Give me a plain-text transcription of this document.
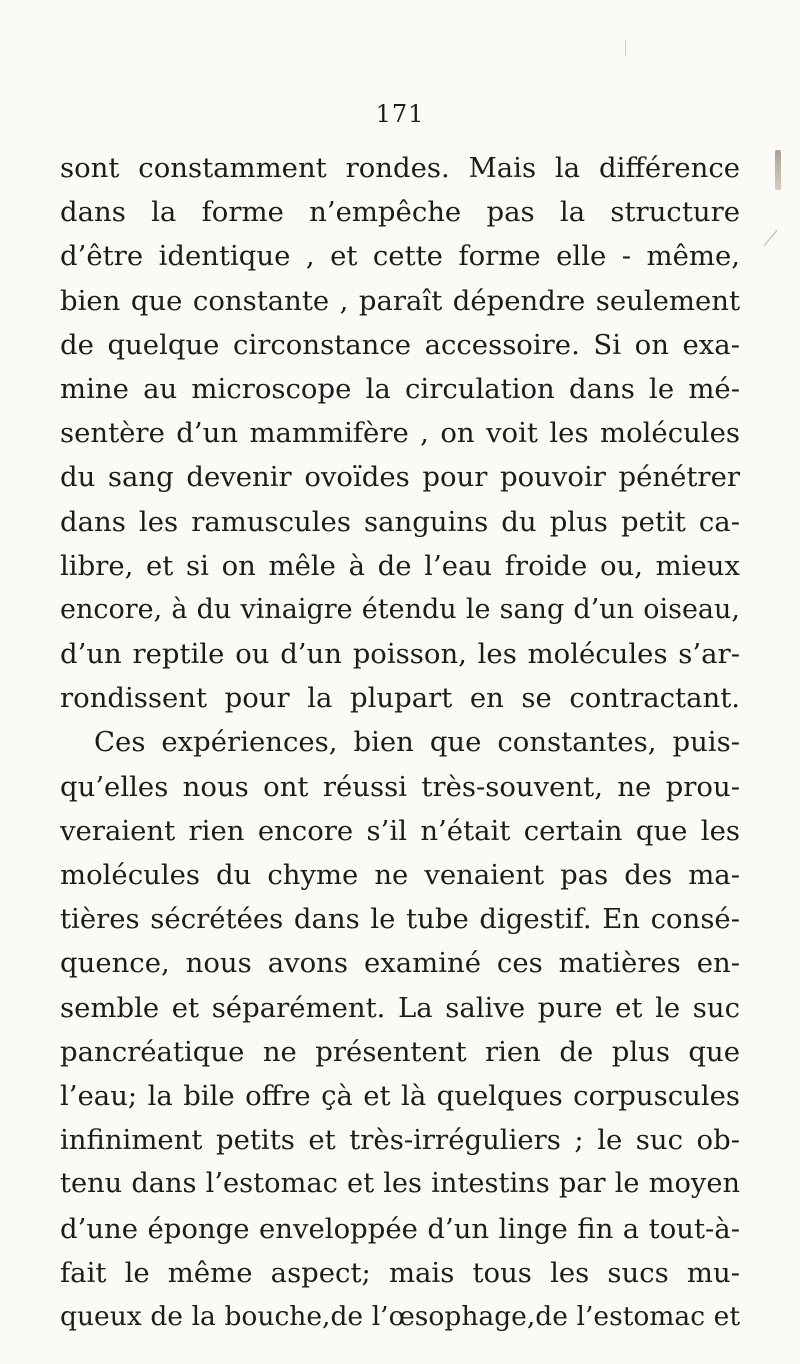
171
sont constamment rondes. Mais la différence
dans la forme n’empêche pas la structure
d’être identique , et cette forme elle - même,
bien que constante , paraît dépendre seulement
de quelque circonstance accessoire. Si on exa-
mine au microscope la circulation dans le mé-
sentère d’un mammifère , on voit les molécules
du sang devenir ovoïdes pour pouvoir pénétrer
dans les ramuscules sanguins du plus petit ca-
libre, et si on mêle à de l’eau froide ou, mieux
encore, à du vinaigre étendu le sang d’un oiseau,
d’un reptile ou d’un poisson, les molécules s’ar-
rondissent pour la plupart en se contractant.
Ces expériences, bien que constantes, puis-
qu’elles nous ont réussi très-souvent, ne prou-
veraient rien encore s’il n’était certain que les
molécules du chyme ne venaient pas des ma-
tières sécrétées dans le tube digestif. En consé-
quence, nous avons examiné ces matières en-
semble et séparément. La salive pure et le suc
pancréatique ne présentent rien de plus que
l’eau; la bile offre çà et là quelques corpuscules
infiniment petits et très-irréguliers ; le suc ob-
tenu dans l’estomac et les intestins par le moyen
d’une éponge enveloppée d’un linge fin a tout-à-
fait le même aspect; mais tous les sucs mu-
queux de la bouche,de l’œsophage,de l’estomac et
